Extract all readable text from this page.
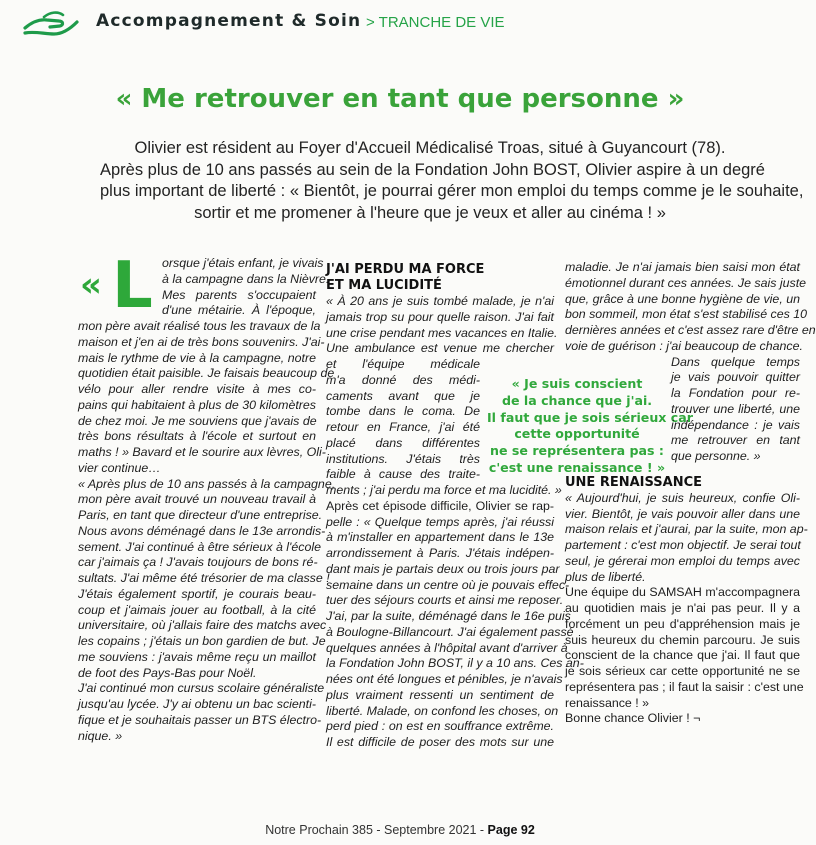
Accompagnement & Soin > TRANCHE DE VIE
« Me retrouver en tant que personne »
Olivier est résident au Foyer d'Accueil Médicalisé Troas, situé à Guyancourt (78).
Après plus de 10 ans passés au sein de la Fondation John BOST, Olivier aspire à un degré
plus important de liberté : « Bientôt, je pourrai gérer mon emploi du temps comme je le souhaite,
sortir et me promener à l'heure que je veux et aller au cinéma ! »
« L orsque j'étais enfant, je vivais
à la campagne dans la Nièvre.
Mes parents s'occupaient
d'une métairie. À l'époque,
mon père avait réalisé tous les travaux de la
maison et j'en ai de très bons souvenirs. J'ai-
mais le rythme de vie à la campagne, notre
quotidien était paisible. Je faisais beaucoup de
vélo pour aller rendre visite à mes co-
pains qui habitaient à plus de 30 kilomètres
de chez moi. Je me souviens que j'avais de
très bons résultats à l'école et surtout en
maths ! » Bavard et le sourire aux lèvres, Oli-
vier continue…
« Après plus de 10 ans passés à la campagne,
mon père avait trouvé un nouveau travail à
Paris, en tant que directeur d'une entreprise.
Nous avons déménagé dans le 13e arrondis-
sement. J'ai continué à être sérieux à l'école
car j'aimais ça ! J'avais toujours de bons ré-
sultats. J'ai même été trésorier de ma classe !
J'étais également sportif, je courais beau-
coup et j'aimais jouer au football, à la cité
universitaire, où j'allais faire des matchs avec
les copains ; j'étais un bon gardien de but. Je
me souviens : j'avais même reçu un maillot
de foot des Pays-Bas pour Noël.
J'ai continué mon cursus scolaire généraliste
jusqu'au lycée. J'y ai obtenu un bac scienti-
fique et je souhaitais passer un BTS électro-
nique. »
J'AI PERDU MA FORCE
ET MA LUCIDITÉ
« À 20 ans je suis tombé malade, je n'ai
jamais trop su pour quelle raison. J'ai fait
une crise pendant mes vacances en Italie.
Une ambulance est venue me chercher
et l'équipe médicale
m'a donné des médi-
caments avant que je
tombe dans le coma. De
retour en France, j'ai été
placé dans différentes
institutions. J'étais très
faible à cause des traite-
ments ; j'ai perdu ma force et ma lucidité. »
Après cet épisode difficile, Olivier se rap-
pelle : « Quelque temps après, j'ai réussi
à m'installer en appartement dans le 13e
arrondissement à Paris. J'étais indépen-
dant mais je partais deux ou trois jours par
semaine dans un centre où je pouvais effec-
tuer des séjours courts et ainsi me reposer.
J'ai, par la suite, déménagé dans le 16e puis
à Boulogne-Billancourt. J'ai également passé
quelques années à l'hôpital avant d'arriver à
la Fondation John BOST, il y a 10 ans. Ces an-
nées ont été longues et pénibles, je n'avais
plus vraiment ressenti un sentiment de
liberté. Malade, on confond les choses, on
perd pied : on est en souffrance extrême.
Il est difficile de poser des mots sur une
« Je suis conscient
de la chance que j'ai.
Il faut que je sois sérieux car
cette opportunité
ne se représentera pas :
c'est une renaissance ! »
maladie. Je n'ai jamais bien saisi mon état
émotionnel durant ces années. Je sais juste
que, grâce à une bonne hygiène de vie, un
bon sommeil, mon état s'est stabilisé ces 10
dernières années et c'est assez rare d'être en
voie de guérison : j'ai beaucoup de chance.
Dans quelque temps
je vais pouvoir quitter
la Fondation pour re-
trouver une liberté, une
indépendance : je vais
me retrouver en tant
que personne. »
UNE RENAISSANCE
« Aujourd'hui, je suis heureux, confie Oli-
vier. Bientôt, je vais pouvoir aller dans une
maison relais et j'aurai, par la suite, mon ap-
partement : c'est mon objectif. Je serai tout
seul, je gérerai mon emploi du temps avec
plus de liberté.
Une équipe du SAMSAH m'accompagnera
au quotidien mais je n'ai pas peur. Il y a
forcément un peu d'appréhension mais je
suis heureux du chemin parcouru. Je suis
conscient de la chance que j'ai. Il faut que
je sois sérieux car cette opportunité ne se
représentera pas ; il faut la saisir : c'est une
renaissance ! »
Bonne chance Olivier ! ¬
Notre Prochain 385 - Septembre 2021 - Page 92
